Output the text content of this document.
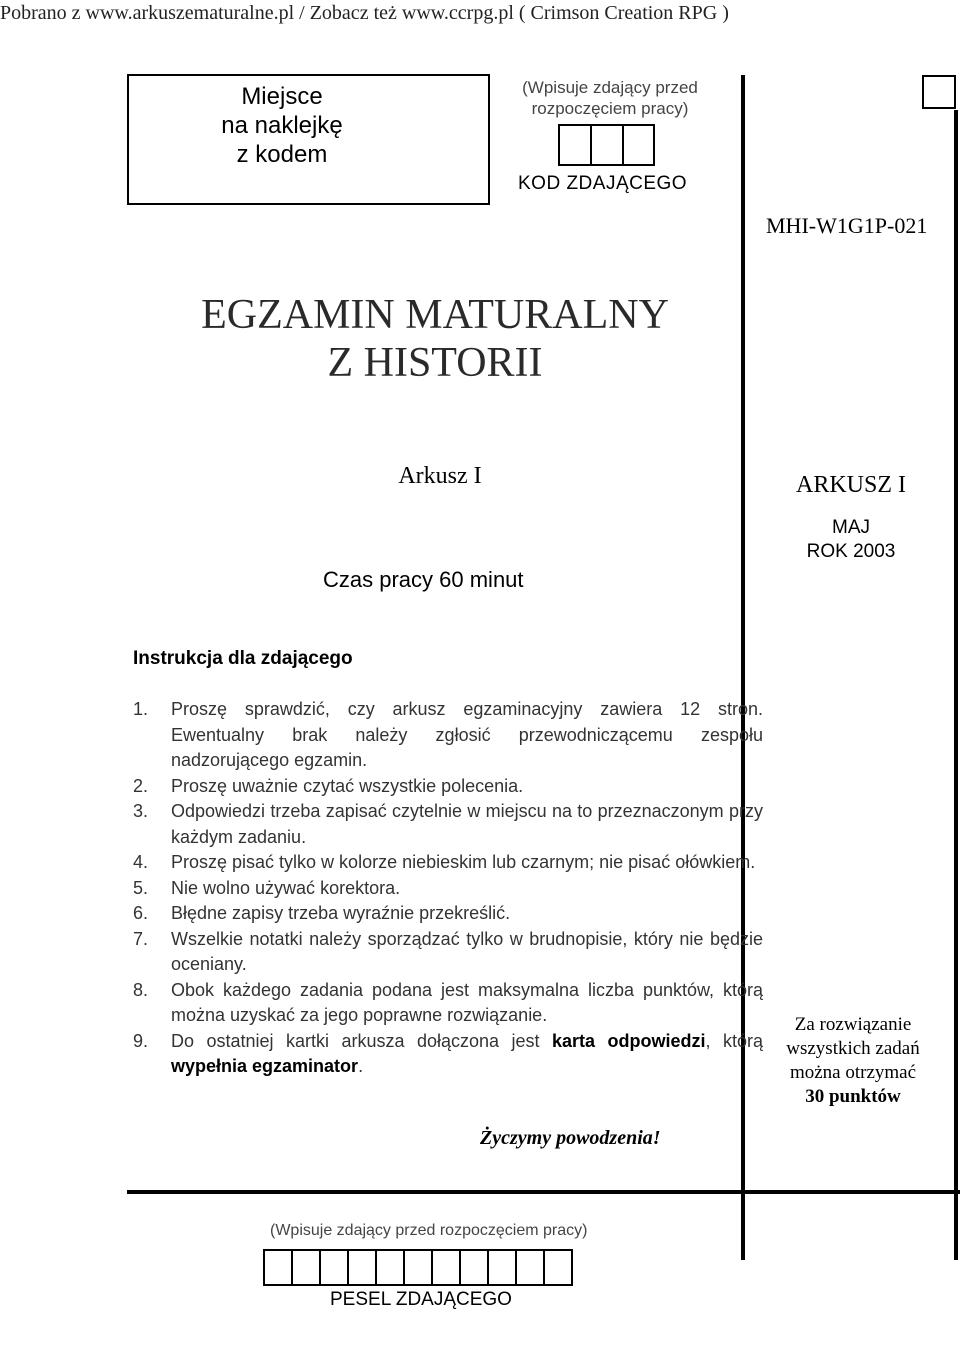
Pobrano z www.arkuszematuralne.pl / Zobacz też www.ccrpg.pl ( Crimson Creation RPG )
Miejsce
na naklejkę
z kodem
(Wpisuje zdający przed
rozpoczęciem pracy)
KOD ZDAJĄCEGO
MHI-W1G1P-021
EGZAMIN MATURALNY
Z HISTORII
Arkusz I
Czas pracy 60 minut
ARKUSZ I
MAJ
ROK 2003
Instrukcja dla zdającego
1.	Proszę sprawdzić, czy arkusz egzaminacyjny zawiera 12 stron. Ewentualny brak należy zgłosić przewodniczącemu zespołu nadzorującego egzamin.
2.	Proszę uważnie czytać wszystkie polecenia.
3.	Odpowiedzi trzeba zapisać czytelnie w miejscu na to przeznaczonym przy każdym zadaniu.
4.	Proszę pisać tylko w kolorze niebieskim lub czarnym; nie pisać ołówkiem.
5.	Nie wolno używać korektora.
6.	Błędne zapisy trzeba wyraźnie przekreślić.
7.	Wszelkie notatki należy sporządzać tylko w brudnopisie, który nie będzie oceniany.
8.	Obok każdego zadania podana jest maksymalna liczba punktów, którą można uzyskać za jego poprawne rozwiązanie.
9.	Do ostatniej kartki arkusza dołączona jest karta odpowiedzi, którą wypełnia egzaminator.
Za rozwiązanie
wszystkich zadań
można otrzymać
30 punktów
Życzymy powodzenia!
(Wpisuje zdający przed rozpoczęciem pracy)
PESEL ZDAJĄCEGO
